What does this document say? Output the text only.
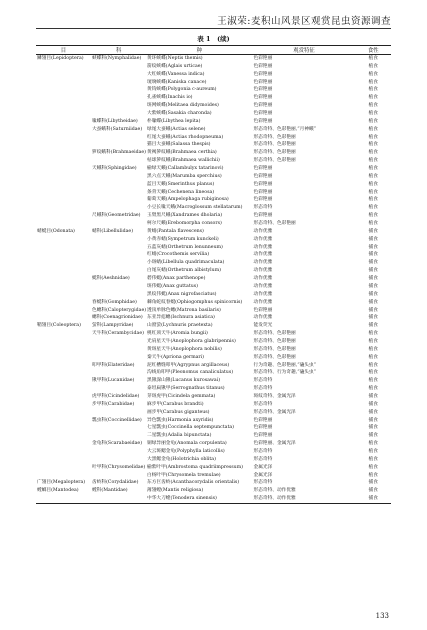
王淑荣:麦积山风景区观赏昆虫资源调查
表 1　(续)
目	科	种	观赏特征	食性
鳞翅目(Lepidoptera)	蛱蝶科(Nymphalidae)	黄环蛱蝶(Neptis themis)	色彩艳丽	植食
		箭纹蛱蝶(Aglais urticae)	色彩艳丽	植食
		大红蛱蝶(Vanessa indica)	色彩艳丽	植食
		琉璃蛱蝶(Kaniska canace)	色彩艳丽	植食
		黄钩蛱蝶(Polygonia c-aureum)	色彩艳丽	植食
		孔雀蛱蝶(Inachis io)	色彩艳丽	植食
		斑网蛱蝶(Melitaea didymoides)	色彩艳丽	植食
		大紫蛱蝶(Sasakia charonda)	色彩艳丽	植食
	喙蝶科(Libytheidae)	朴喙蝶(Libythea lepita)	色彩艳丽	植食
	大蚕蛾科(Saturniidae)	绿尾大蚕蛾(Actias selene)	形态奇特、色彩艳丽,“月神蛾”	植食
		红尾大蚕蛾(Actias rhodopneuma)	形态奇特、色彩艳丽	植食
		猫目大蚕蛾(Salassa thespis)	形态奇特、色彩艳丽	植食
	箩纹蛾科(Brahmaeidae)	黄褐箩纹蛾(Brahmaea certhia)	形态奇特、色彩艳丽	植食
		枯球箩纹蛾(Brahmaea wallichii)	形态奇特、色彩艳丽	植食
	天蛾科(Sphingidae)	榆绿天蛾(Callambulyx tatarinovi)	色彩艳丽	植食
		黑六点天蛾(Marumba sperchius)	色彩艳丽	植食
		蓝目天蛾(Smerinthus planus)	色彩艳丽	植食
		条背天蛾(Cechenena lineosa)	色彩艳丽	植食
		葡萄天蛾(Ampelophaga rubiginosa)	色彩艳丽	植食
		小豆长喙天蛾(Macroglossum stellatarum)	形态奇特	植食
	尺蛾科(Geometridae)	玉臂黑尺蛾(Xandrames dholaria)	色彩艳丽	植食
		柯尔尺蛾(Erebomorpha consors)	形态奇特、色彩艳丽	植食
蜻蜓目(Odonata)	蜻科(Libellulidae)	黄蜻(Pantala flavescens)	动作优雅	捕食
		小黄赤蜻(Sympetrum kunckeli)	动作优雅	捕食
		五蓝灰蜻(Orthetrum lenunneum)	动作优雅	捕食
		红蜻(Crocothemis servilia)	动作优雅	捕食
		小斑蜻(Libellula quadrimaculata)	动作优雅	捕食
		白尾灰蜻(Orthetrum albistylum)	动作优雅	捕食
	蜓科(Aeshnidae)	碧伟蜓(Anax parthenope)	动作优雅	捕食
		斑伟蜓(Anax guttatus)	动作优雅	捕食
		黑纹伟蜓(Anax nigrofasciatus)	动作优雅	捕食
	春蜓科(Gomphidae)	棘角蛇纹春蜓(Ophiogomphus spinicornis)	动作优雅	捕食
	色蟌科(Calopterygidae)	透顶单脉色蟌(Matrona basilaris)	色彩艳丽	捕食
	蟌科(Coenagrionidae)	东亚异痣蟌(Ischnura asiatica)	动作优雅	捕食
鞘翅目(Coleoptera)	萤科(Lampyridae)	山窗萤(Lychnuris praetexta)	能发荧光	捕食
	天牛科(Cerambycidae)	桃红颈天牛(Aromia bungii)	形态奇特、色彩艳丽	植食
		光肩星天牛(Anoplophora glabripennis)	形态奇特、色彩艳丽	植食
		黄斑星天牛(Anoplophora nobilis)	形态奇特、色彩艳丽	植食
		秦天牛(Apriona germari)	形态奇特、色彩艳丽	植食
	叩甲科(Elateridae)	泥红槽缝叩甲(Agrypnus argillaceus)	行为奇趣、色彩艳丽,“磕头虫”	植食
		沟线角叩甲(Pleonomus canaliculatus)	形态奇特、行为奇趣,“磕头虫”	植食
	锹甲科(Lucanidae)	黑锹深山锹(Lucanus kurosawai)	形态奇特	植食
		泰坦扁锹甲(Serrognathus titanus)	形态奇特	植食
	虎甲科(Cicindelidae)	芽斑虎甲(Cicindela gemmata)	斑纹奇特、金属光泽	捕食
	步甲科(Carabidae)	麻步甲(Carabus brandti)	形态奇特	捕食
		画步甲(Carabus giganteus)	形态奇特、金属光泽	捕食
	瓢虫科(Coccinellidae)	异色瓢虫(Harmonia axyridis)	色彩艳丽	捕食
		七星瓢虫(Coccinella septempunctata)	色彩艳丽	捕食
		二星瓢虫(Adalia bipunctata)	色彩艳丽	捕食
	金龟科(Scarabaeidae)	铜绿异丽金龟(Anomala corpulenta)	色彩艳丽、金属光泽	植食
		大云斑鳃金龟(Polyphylla laticollis)	形态奇特	植食
		大黑鳃金龟(Holotrichia oblita)	形态奇特	植食
	叶甲科(Chrysomelidae)	榆紫叶甲(Ambrostoma quadriimpressum)	金属光泽	植食
		白杨叶甲(Chrysomela tremulae)	金属光泽	植食
广翅目(Megaloptera)	齿蛉科(Corydalidae)	东方巨齿蛉(Acanthacorydalis orientalis)	形态奇特	捕食
螳螂目(Mantodea)	螳科(Mantidae)	薄翅螳(Mantis religiosa)	形态奇特、动作优雅	捕食
		中华大刀螳(Tenodera sinensis)	形态奇特、动作优雅	捕食
133
